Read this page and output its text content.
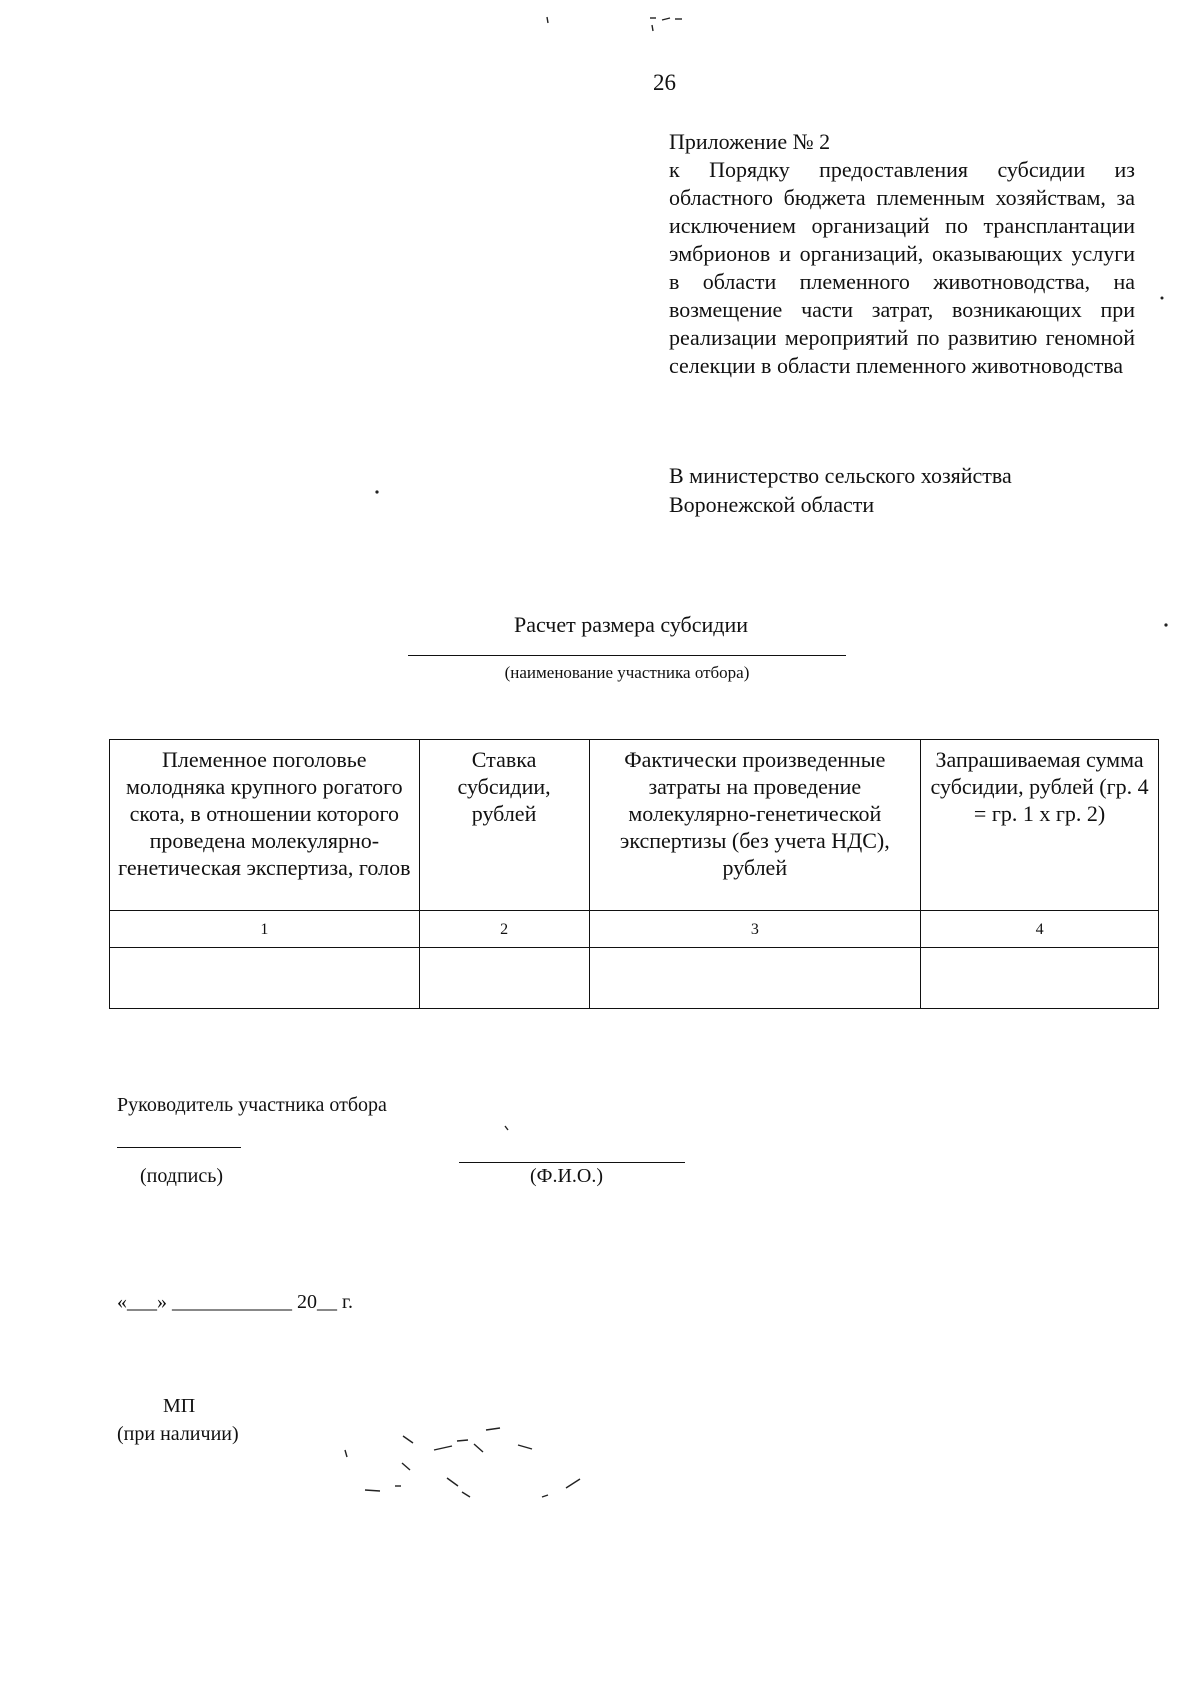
26
Приложение № 2
к Порядку предоставления субсидии из областного бюджета племенным хозяйствам, за исключением организаций по трансплантации эмбрионов и организаций, оказывающих услуги в области племенного животноводства, на возмещение части затрат, возникающих при реализации мероприятий по развитию геномной селекции в области племенного животноводства
В министерство сельского хозяйства
Воронежской области
Расчет размера субсидии
(наименование участника отбора)
Племенное поголовье молодняка крупного рогатого скота, в отношении которого проведена молекулярно-генетическая экспертиза, голов	Ставка субсидии, рублей	Фактически произведенные затраты на проведение молекулярно-генетической экспертизы (без учета НДС), рублей	Запрашиваемая сумма субсидии, рублей (гр. 4 = гр. 1 х гр. 2)
1	2	3	4

Руководитель участника отбора
(подпись)	(Ф.И.О.)
«___» ____________ 20__ г.
МП
(при наличии)
